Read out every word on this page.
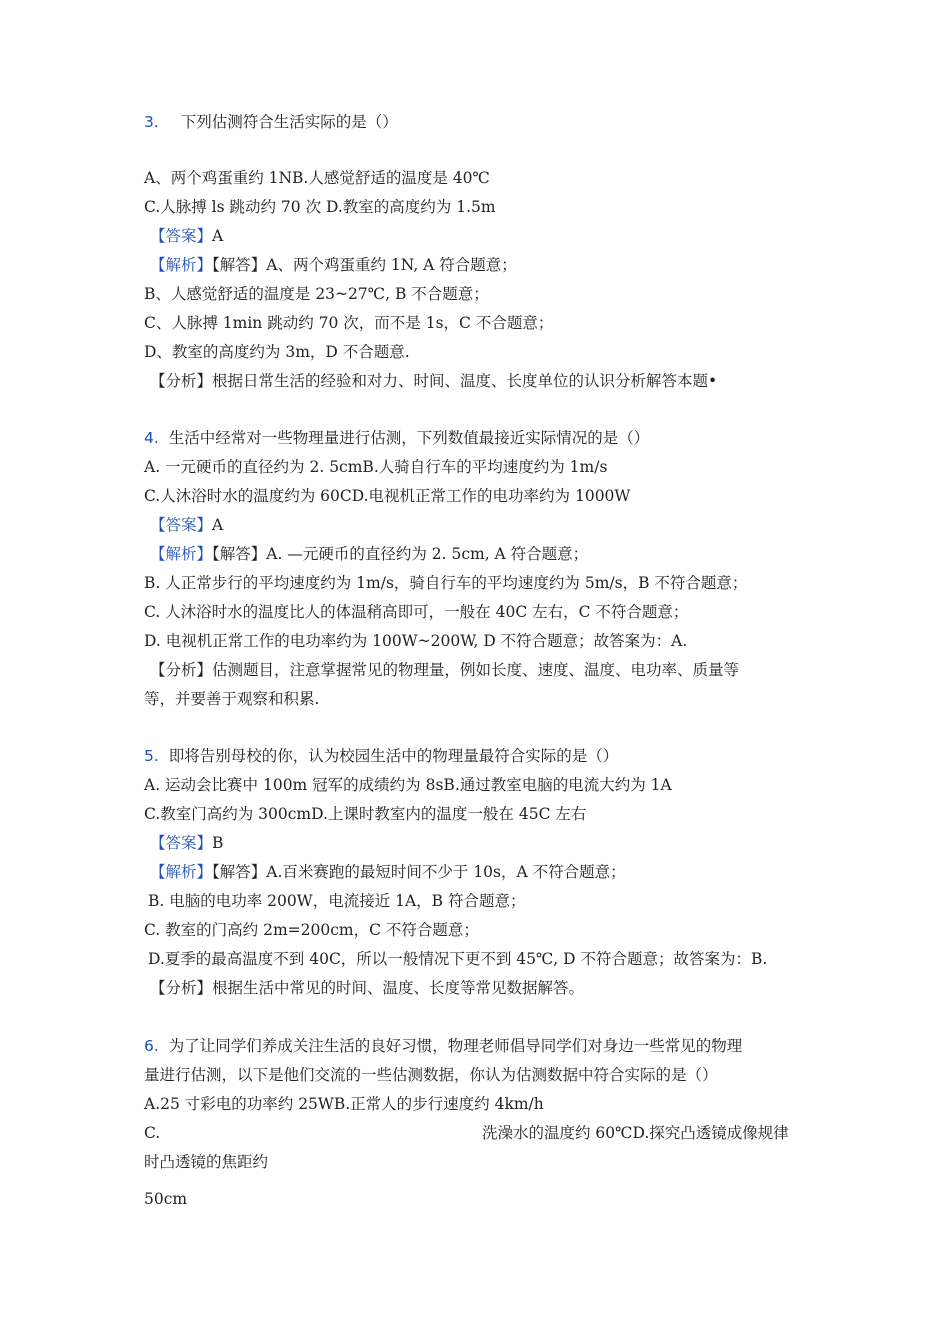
3. 下列估测符合生活实际的是（）
A、两个鸡蛋重约 1NB.人感觉舒适的温度是 40℃
C.人脉搏 ls 跳动约 70 次 D.教室的高度约为 1.5m
【答案】A
【解析】【解答】A、两个鸡蛋重约 1N, A 符合题意；
B、人感觉舒适的温度是 23~27℃, B 不合题意；
C、人脉搏 1min 跳动约 70 次，而不是 1s，C 不合题意；
D、教室的高度约为 3m，D 不合题意.
【分析】根据日常生活的经验和对力、时间、温度、长度单位的认识分析解答本题•
4. 生活中经常对一些物理量进行估测，下列数值最接近实际情况的是（）
A. 一元硬币的直径约为 2. 5cmB.人骑自行车的平均速度约为 1m/s
C.人沐浴时水的温度约为 60CD.电视机正常工作的电功率约为 1000W
【答案】A
【解析】【解答】A. —元硬币的直径约为 2. 5cm, A 符合题意；
B. 人正常步行的平均速度约为 1m/s，骑自行车的平均速度约为 5m/s，B 不符合题意；
C. 人沐浴时水的温度比人的体温稍高即可，一般在 40C 左右，C 不符合题意；
D. 电视机正常工作的电功率约为 100W~200W, D 不符合题意；故答案为：A.
【分析】估测题目，注意掌握常见的物理量，例如长度、速度、温度、电功率、质量等
等，并要善于观察和积累.
5. 即将告别母校的你，认为校园生活中的物理量最符合实际的是（）
A. 运动会比赛中 100m 冠军的成绩约为 8sB.通过教室电脑的电流大约为 1A
C.教室门高约为 300cmD.上课时教室内的温度一般在 45C 左右
【答案】B
【解析】【解答】A.百米赛跑的最短时间不少于 10s，A 不符合题意；
B. 电脑的电功率 200W，电流接近 1A，B 符合题意；
C. 教室的门高约 2m=200cm，C 不符合题意；
D.夏季的最高温度不到 40C，所以一般情况下更不到 45℃, D 不符合题意；故答案为：B.
【分析】根据生活中常见的时间、温度、长度等常见数据解答。
6. 为了让同学们养成关注生活的良好习惯，物理老师倡导同学们对身边一些常见的物理
量进行估测，以下是他们交流的一些估测数据，你认为估测数据中符合实际的是（）
A.25 寸彩电的功率约 25WB.正常人的步行速度约 4km/h
C.	洗澡水的温度约 60℃D.探究凸透镜成像规律
时凸透镜的焦距约
50cm
